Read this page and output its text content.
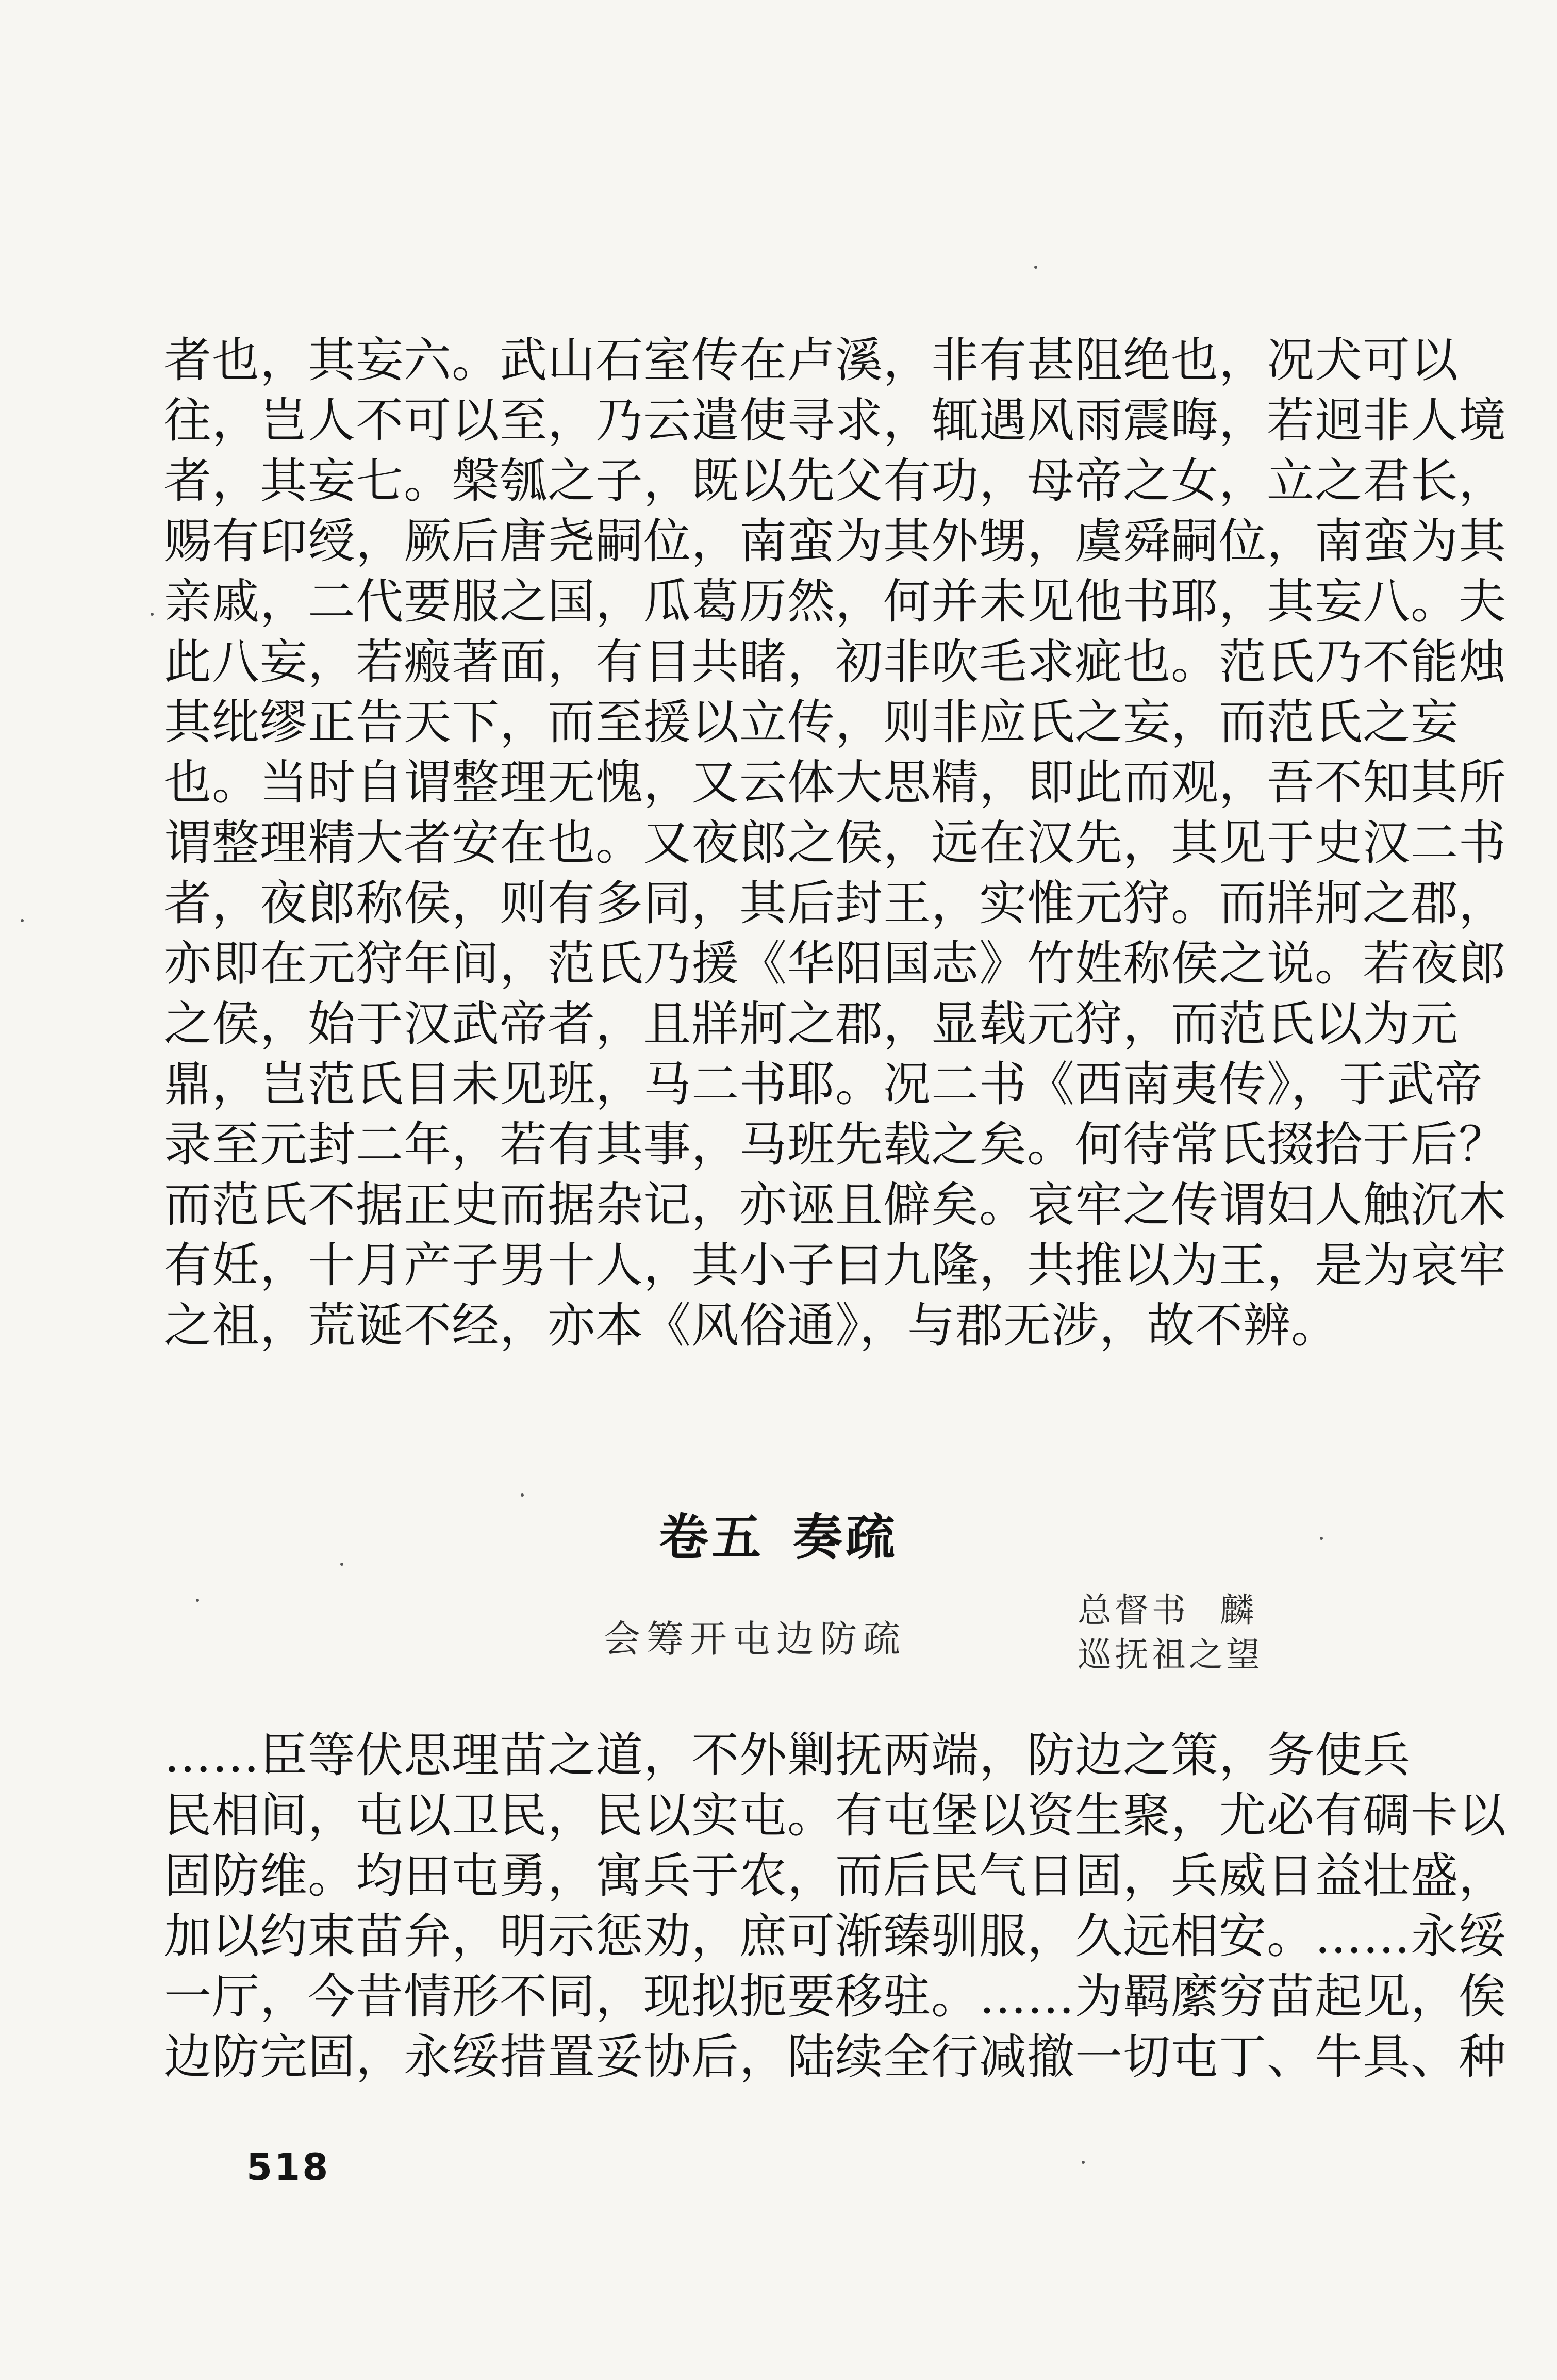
者也，其妄六。武山石室传在卢溪，非有甚阻绝也，况犬可以
往，岂人不可以至，乃云遣使寻求，辄遇风雨震晦，若迥非人境
者，其妄七。槃瓠之子，既以先父有功，母帝之女，立之君长，
赐有印绶，厥后唐尧嗣位，南蛮为其外甥，虞舜嗣位，南蛮为其
亲戚，二代要服之国，瓜葛历然，何并未见他书耶，其妄八。夫
此八妄，若瘢著面，有目共睹，初非吹毛求疵也。范氏乃不能烛
其纰缪正告天下，而至援以立传，则非应氏之妄，而范氏之妄
也。当时自谓整理无愧，又云体大思精，即此而观，吾不知其所
谓整理精大者安在也。又夜郎之侯，远在汉先，其见于史汉二书
者，夜郎称侯，则有多同，其后封王，实惟元狩。而牂牁之郡，
亦即在元狩年间，范氏乃援《华阳国志》竹姓称侯之说。若夜郎
之侯，始于汉武帝者，且牂牁之郡，显载元狩，而范氏以为元
鼎，岂范氏目未见班，马二书耶。况二书《西南夷传》，于武帝
录至元封二年，若有其事，马班先载之矣。何待常氏掇拾于后？
而范氏不据正史而据杂记，亦诬且僻矣。哀牢之传谓妇人触沉木
有妊，十月产子男十人，其小子曰九隆，共推以为王，是为哀牢
之祖，荒诞不经，亦本《风俗通》，与郡无涉，故不辨。
卷五 奏疏
会筹开屯边防疏
总督书 麟
巡抚祖之望
……臣等伏思理苗之道，不外剿抚两端，防边之策，务使兵
民相间，屯以卫民，民以实屯。有屯堡以资生聚，尤必有碉卡以
固防维。均田屯勇，寓兵于农，而后民气日固，兵威日益壮盛，
加以约束苗弁，明示惩劝，庶可渐臻驯服，久远相安。……永绥
一厅，今昔情形不同，现拟扼要移驻。……为羁縻穷苗起见，俟
边防完固，永绥措置妥协后，陆续全行减撤一切屯丁、牛具、种
518
